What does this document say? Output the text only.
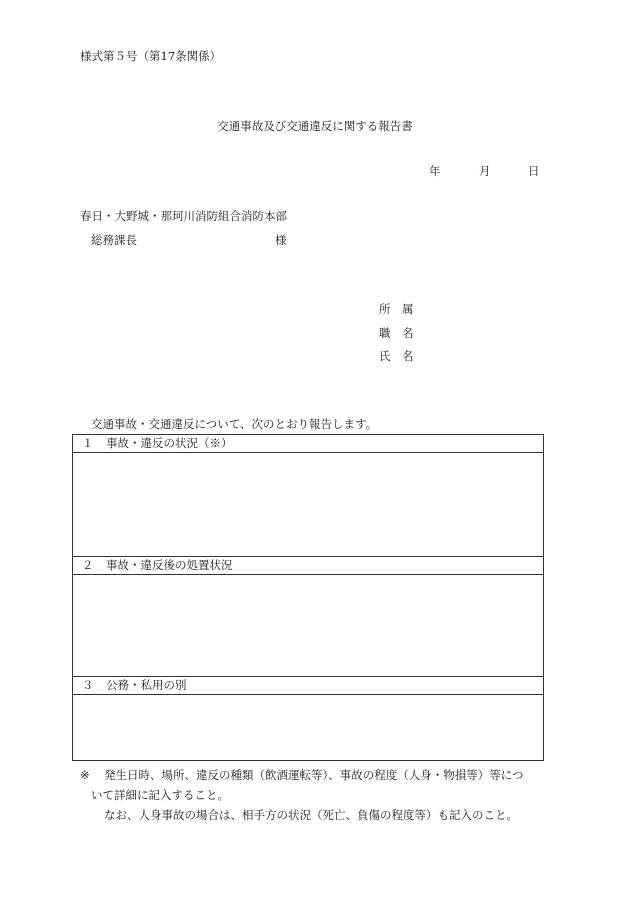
様式第５号（第17条関係）
交通事故及び交通違反に関する報告書
年	月	日
春日・大野城・那珂川消防組合消防本部
総務課長	様
所 属
職 名
氏 名
交通事故・交通違反について、次のとおり報告します。
１ 事故・違反の状況（※）
２ 事故・違反後の処置状況
３ 公務・私用の別
※ 発生日時、場所、違反の種類（飲酒運転等）、事故の程度（人身・物損等）等につ
いて詳細に記入すること。
なお、人身事故の場合は、相手方の状況（死亡、負傷の程度等）も記入のこと。
